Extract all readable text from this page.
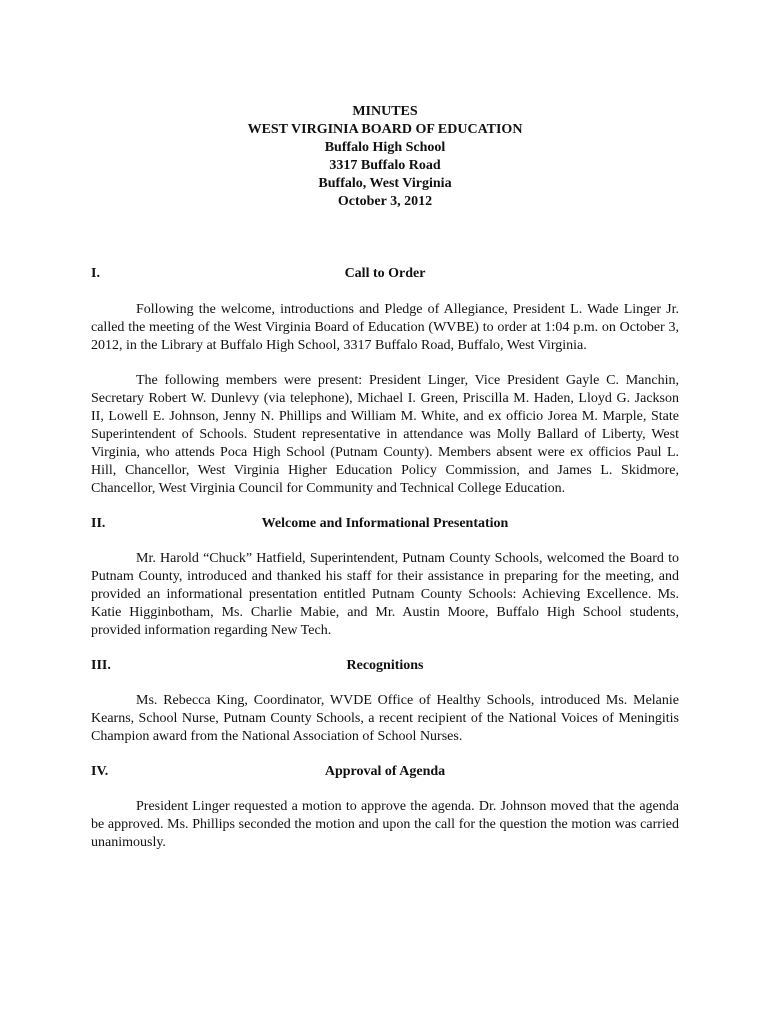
MINUTES
WEST VIRGINIA BOARD OF EDUCATION
Buffalo High School
3317 Buffalo Road
Buffalo, West Virginia
October 3, 2012
I.	Call to Order

Following the welcome, introductions and Pledge of Allegiance, President L. Wade Linger Jr. called the meeting of the West Virginia Board of Education (WVBE) to order at 1:04 p.m. on October 3, 2012, in the Library at Buffalo High School, 3317 Buffalo Road, Buffalo, West Virginia.

The following members were present: President Linger, Vice President Gayle C. Manchin, Secretary Robert W. Dunlevy (via telephone), Michael I. Green, Priscilla M. Haden, Lloyd G. Jackson II, Lowell E. Johnson, Jenny N. Phillips and William M. White, and ex officio Jorea M. Marple, State Superintendent of Schools. Student representative in attendance was Molly Ballard of Liberty, West Virginia, who attends Poca High School (Putnam County). Members absent were ex officios Paul L. Hill, Chancellor, West Virginia Higher Education Policy Commission, and James L. Skidmore, Chancellor, West Virginia Council for Community and Technical College Education.

II.	Welcome and Informational Presentation

Mr. Harold “Chuck” Hatfield, Superintendent, Putnam County Schools, welcomed the Board to Putnam County, introduced and thanked his staff for their assistance in preparing for the meeting, and provided an informational presentation entitled Putnam County Schools: Achieving Excellence. Ms. Katie Higginbotham, Ms. Charlie Mabie, and Mr. Austin Moore, Buffalo High School students, provided information regarding New Tech.

III.	Recognitions

Ms. Rebecca King, Coordinator, WVDE Office of Healthy Schools, introduced Ms. Melanie Kearns, School Nurse, Putnam County Schools, a recent recipient of the National Voices of Meningitis Champion award from the National Association of School Nurses.

IV.	Approval of Agenda

President Linger requested a motion to approve the agenda. Dr. Johnson moved that the agenda be approved. Ms. Phillips seconded the motion and upon the call for the question the motion was carried unanimously.
